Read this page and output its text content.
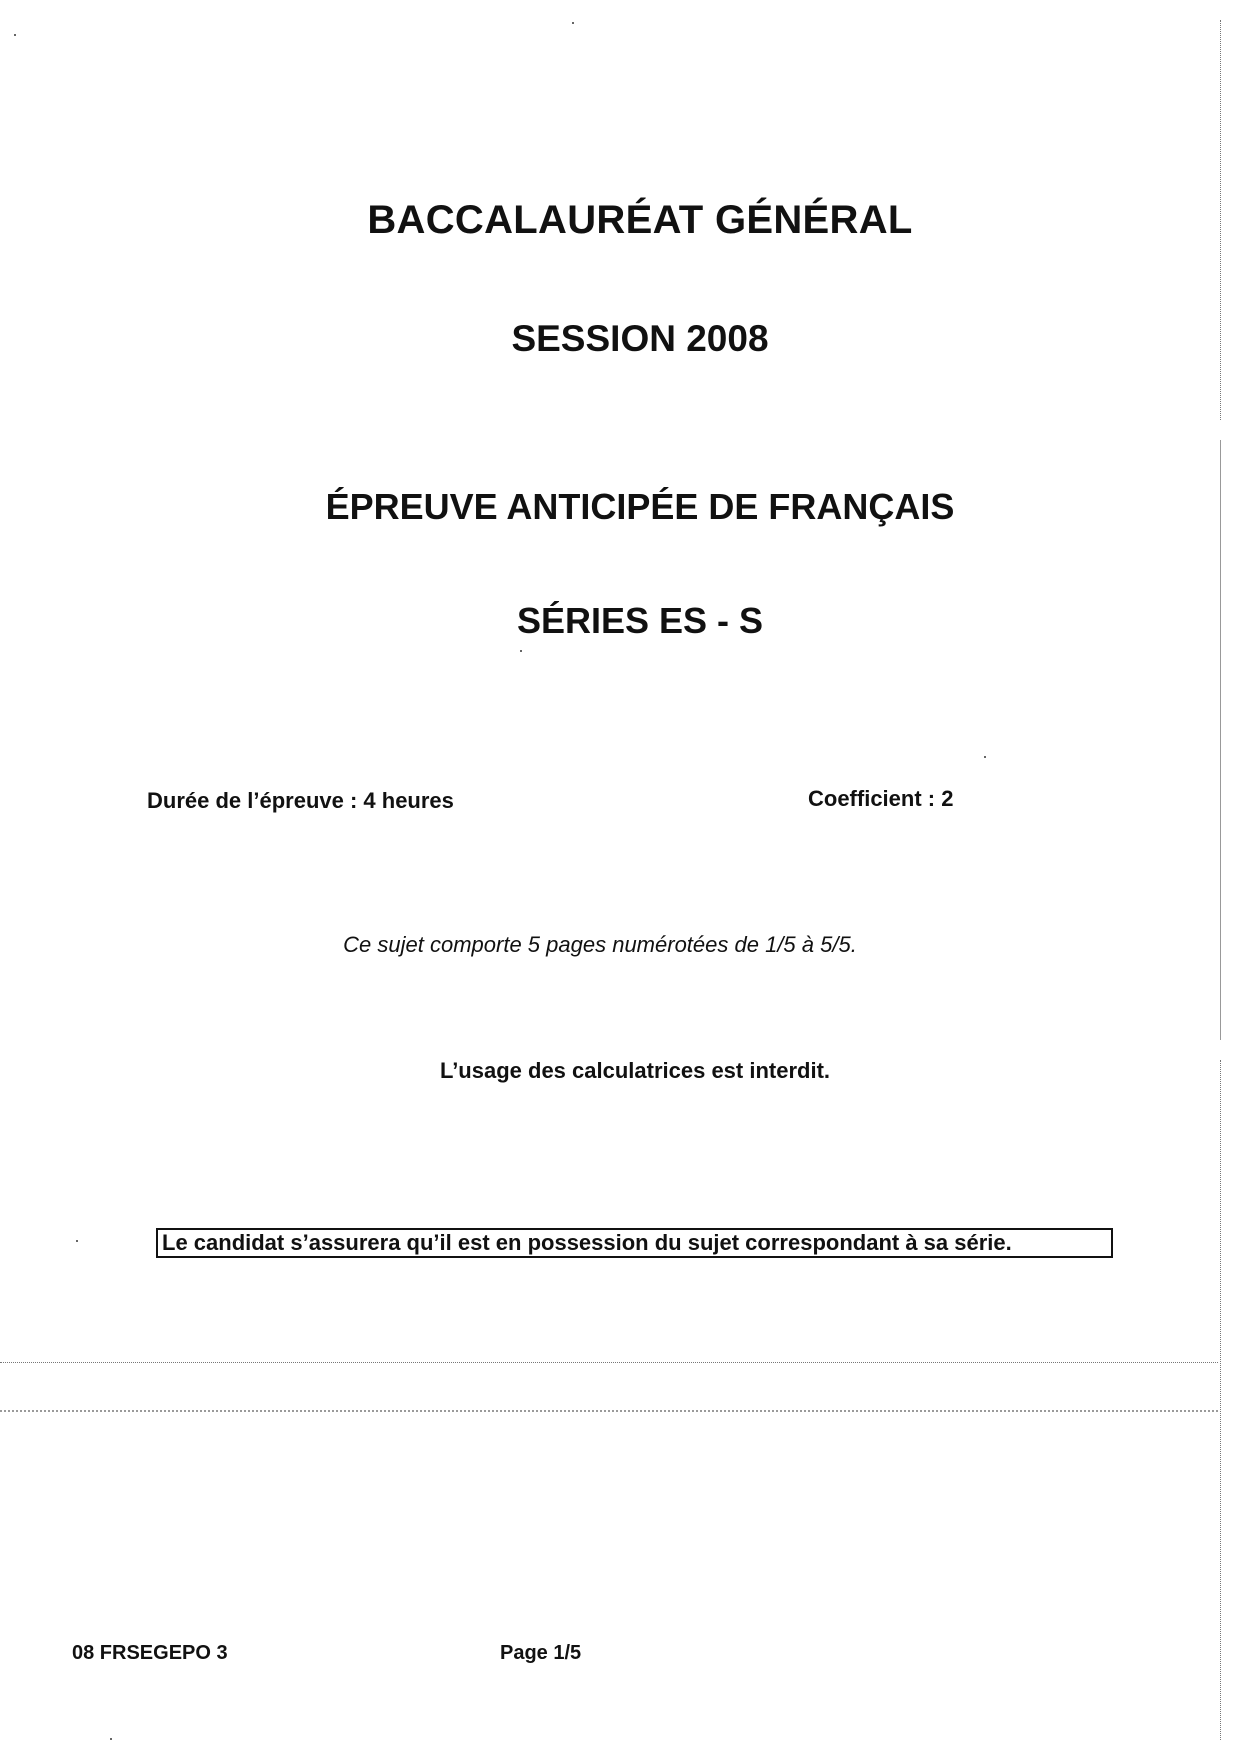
BACCALAURÉAT GÉNÉRAL
SESSION 2008
ÉPREUVE ANTICIPÉE DE FRANÇAIS
SÉRIES ES - S
Durée de l’épreuve : 4 heures	Coefficient : 2
Ce sujet comporte 5 pages numérotées de 1/5 à 5/5.
L’usage des calculatrices est interdit.
Le candidat s’assurera qu’il est en possession du sujet correspondant à sa série.
08 FRSEGEPO 3	Page 1/5
